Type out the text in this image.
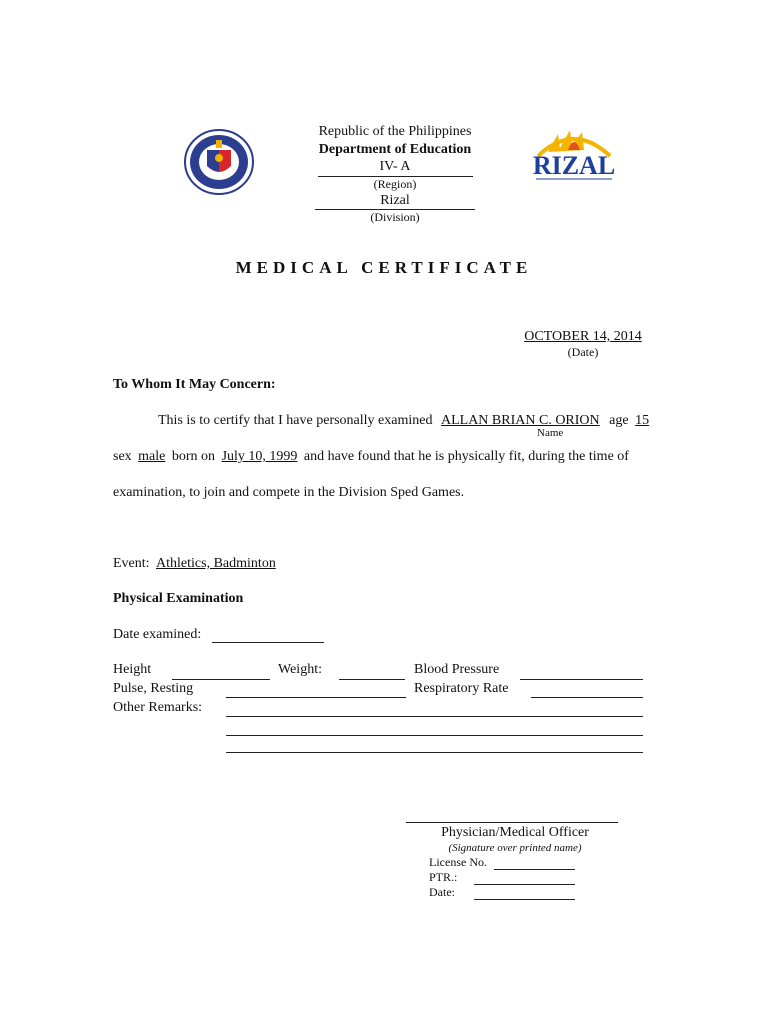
RIZAL
Republic of the Philippines
Department of Education
IV- A
(Region)
Rizal
(Division)
MEDICAL CERTIFICATE
OCTOBER 14, 2014
(Date)
To Whom It May Concern:
This is to certify that I have personally examined ALLAN BRIAN C. ORION age 15
Name
sex male born on July 10, 1999 and have found that he is physically fit, during the time of
examination, to join and compete in the Division Sped Games.
Event: Athletics, Badminton
Physical Examination
Date examined:
Height	Weight:	Blood Pressure
Pulse, Resting	Respiratory Rate
Other Remarks:
Physician/Medical Officer
(Signature over printed name)
License No.
PTR.:
Date:
